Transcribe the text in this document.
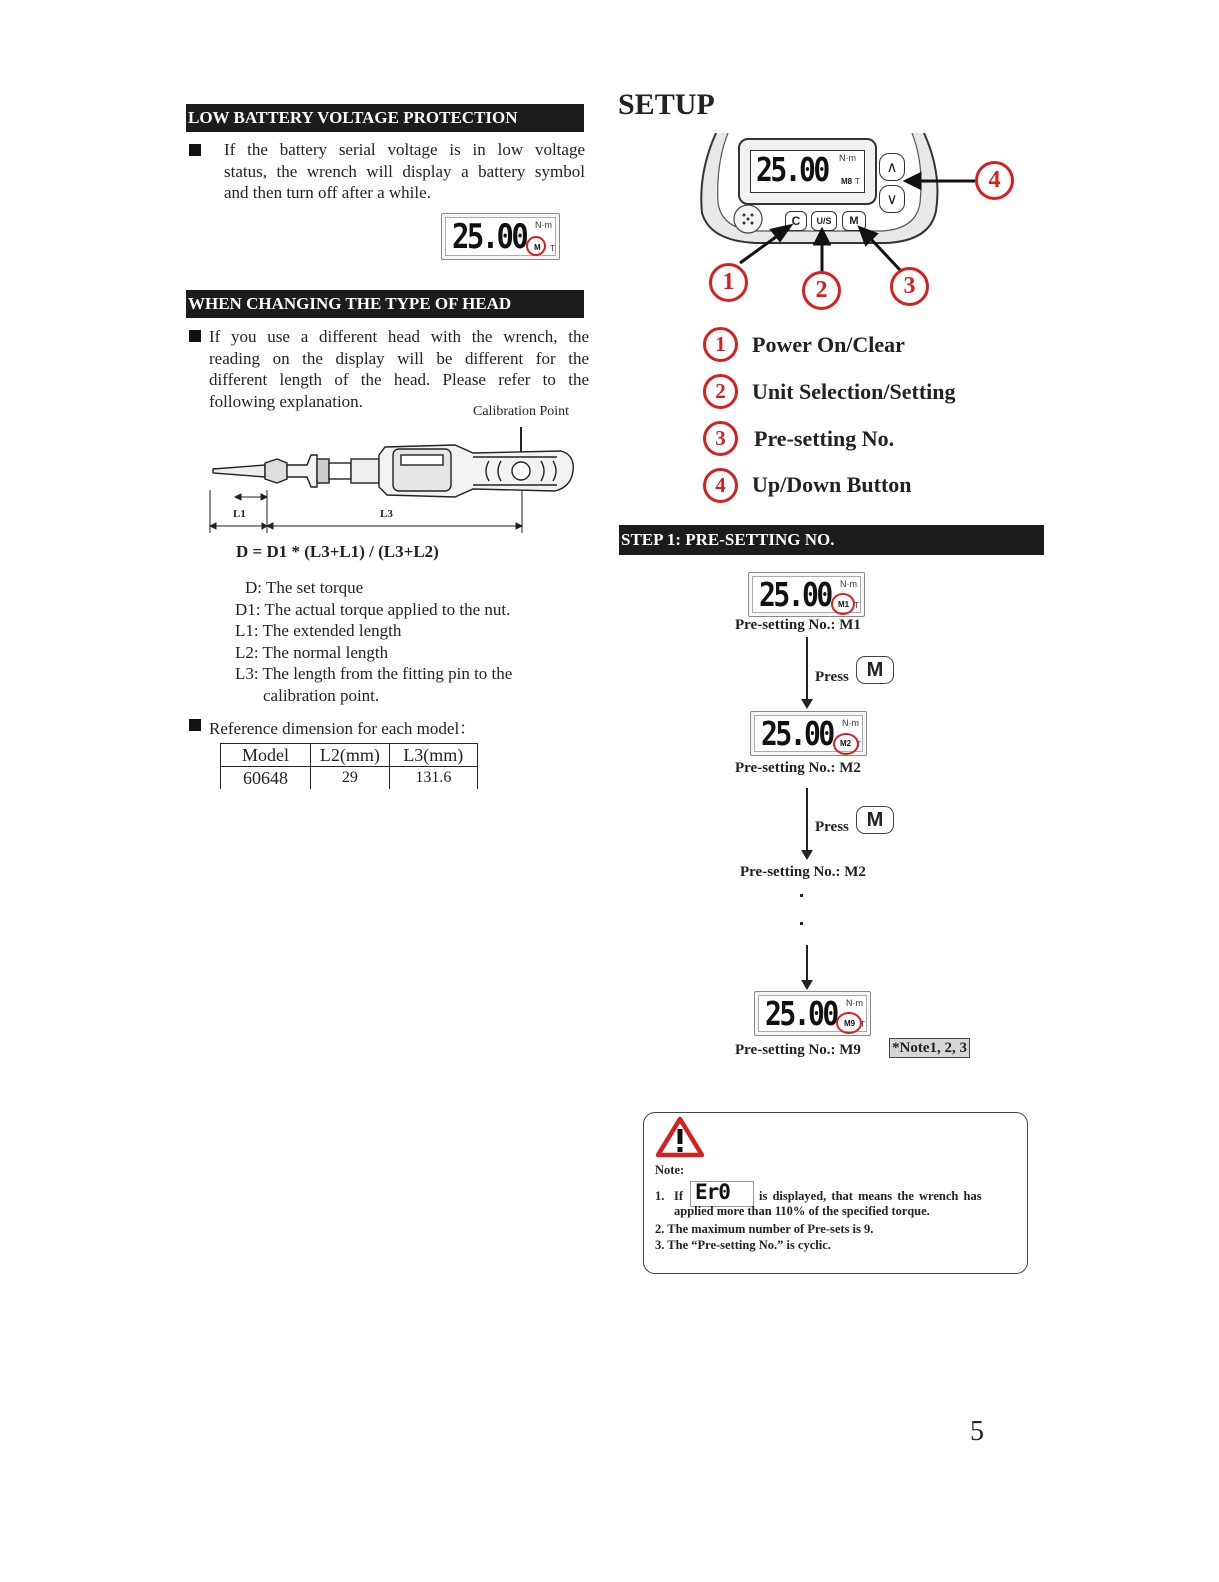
LOW BATTERY VOLTAGE PROTECTION
If the battery serial voltage is in low voltage
status, the wrench will display a battery symbol
and then turn off after a while.
25.00 N·m
M T
WHEN CHANGING THE TYPE OF HEAD
If you use a different head with the wrench, the
reading on the display will be different for the
different length of the head. Please refer to the
following explanation.
Calibration Point
L1	L3
D = D1 * (L3+L1) / (L3+L2)
D: The set torque
D1: The actual torque applied to the nut.
L1: The extended length
L2: The normal length
L3: The length from the fitting pin to the
calibration point.
Reference dimension for each model：
Model	L2(mm)	L3(mm)
60648	29	131.6
SETUP
25.00 N·m
M8 T
∧
∨
C	U/S	M
1	2	3
4
1	Power On/Clear
2	Unit Selection/Setting
3	Pre-setting No.
4	Up/Down Button
STEP 1: PRE-SETTING NO.
25.00 N·m
M1 T
Pre-setting No.: M1
Press M
25.00 N·m
M2 T
Pre-setting No.: M2
Press M
Pre-setting No.: M2
25.00 N·m
M9 T
Pre-setting No.: M9 *Note1, 2, 3
Note:
1. If Er0 is displayed, that means the wrench has
applied more than 110% of the specified torque.
2. The maximum number of Pre-sets is 9.
3. The “Pre-setting No.” is cyclic.
5
